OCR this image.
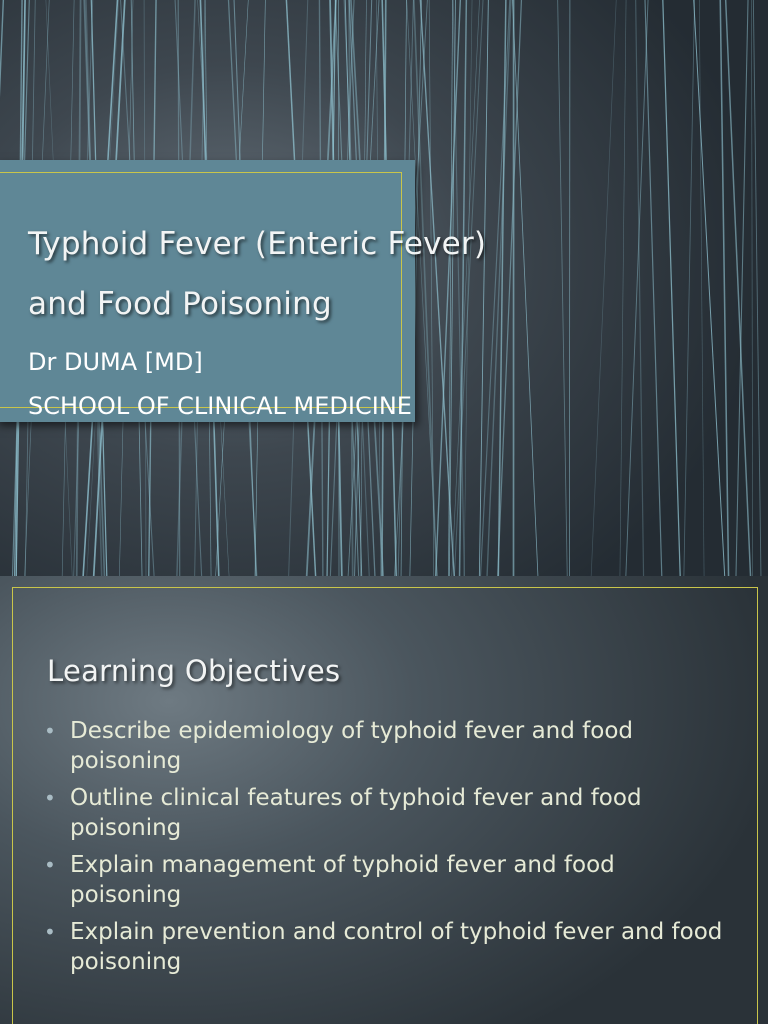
Typhoid Fever (Enteric Fever)
and Food Poisoning
Dr DUMA [MD]
SCHOOL OF CLINICAL MEDICINE
Learning Objectives
• Describe epidemiology of typhoid fever and food poisoning
• Outline clinical features of typhoid fever and food poisoning
• Explain management of typhoid fever and food poisoning
• Explain prevention and control of typhoid fever and food poisoning
